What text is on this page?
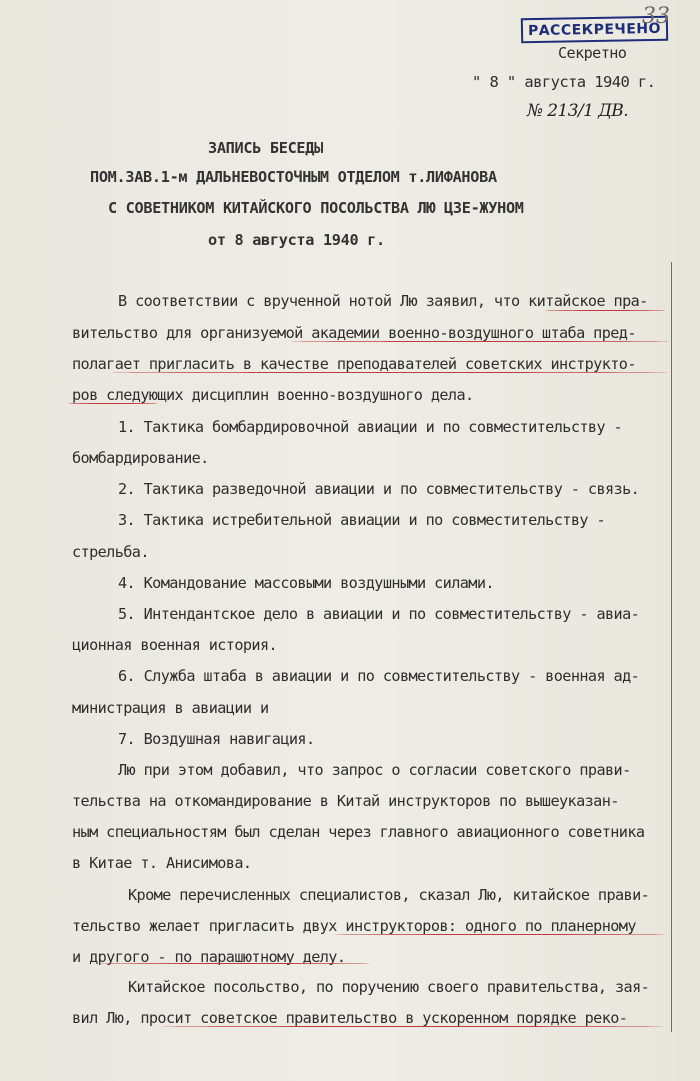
РАССЕКРЕЧЕНО
33
Секретно
" 8 " августа 1940 г.
№ 213/1 ДВ.
ЗАПИСЬ БЕСЕДЫ
ПОМ.ЗАВ.1-м ДАЛЬНЕВОСТОЧНЫМ ОТДЕЛОМ т.ЛИФАНОВА
С СОВЕТНИКОМ КИТАЙСКОГО ПОСОЛЬСТВА ЛЮ ЦЗЕ-ЖУНОМ
от 8 августа 1940 г.
В соответствии с врученной нотой Лю заявил, что китайское пра-
вительство для организуемой академии военно-воздушного штаба пред-
полагает пригласить в качестве преподавателей советских инструкто-
ров следующих дисциплин военно-воздушного дела.
1. Тактика бомбардировочной авиации и по совместительству -
бомбардирование.
2. Тактика разведочной авиации и по совместительству - связь.
3. Тактика истребительной авиации и по совместительству -
стрельба.
4. Командование массовыми воздушными силами.
5. Интендантское дело в авиации и по совместительству - авиа-
ционная военная история.
6. Служба штаба в авиации и по совместительству - военная ад-
министрация в авиации и
7. Воздушная навигация.
Лю при этом добавил, что запрос о согласии советского прави-
тельства на откомандирование в Китай инструкторов по вышеуказан-
ным специальностям был сделан через главного авиационного советника
в Китае т. Анисимова.
Кроме перечисленных специалистов, сказал Лю, китайское прави-
тельство желает пригласить двух инструкторов: одного по планерному
и другого - по парашютному делу.
Китайское посольство, по поручению своего правительства, зая-
вил Лю, просит советское правительство в ускоренном порядке реко-
